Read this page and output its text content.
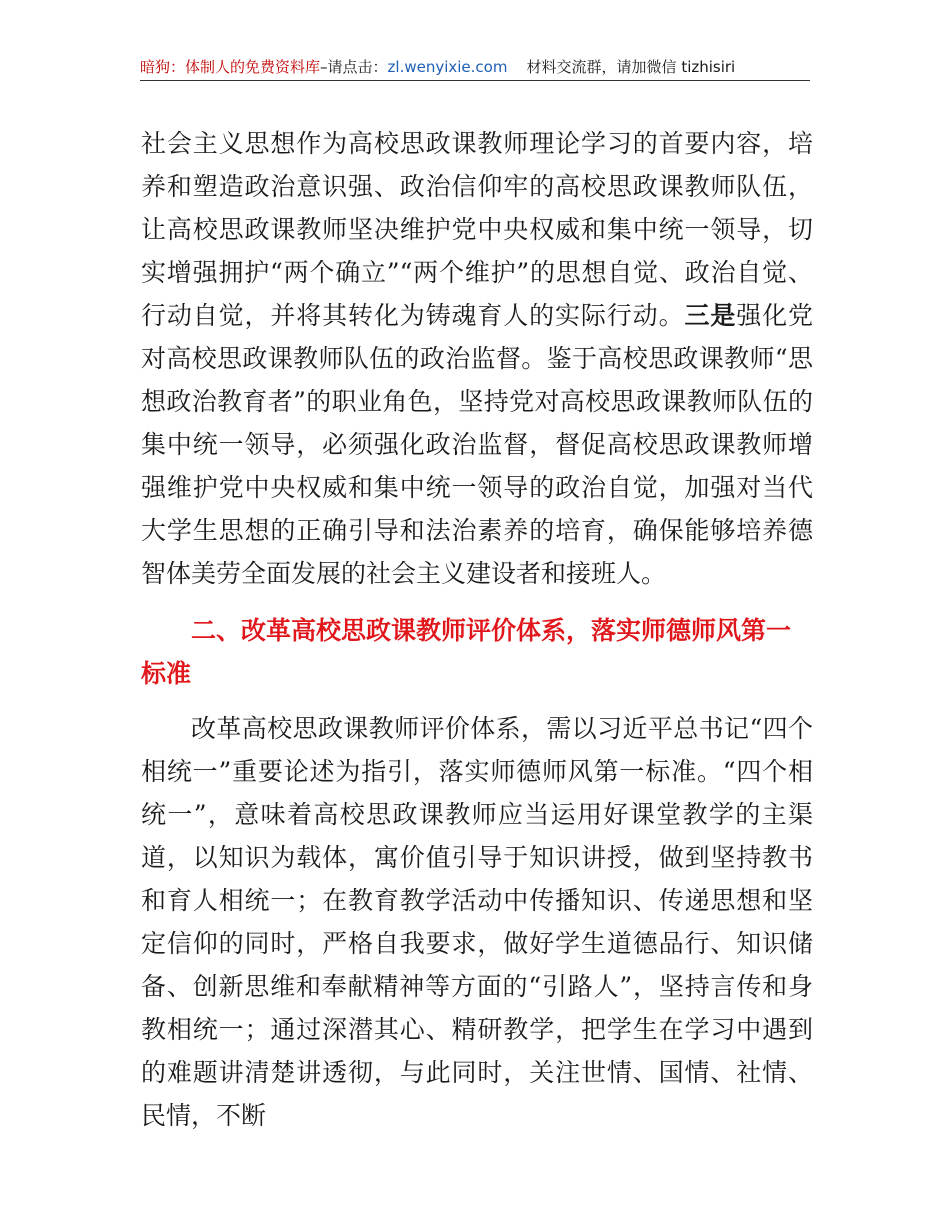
暗狗：体制人的免费资料库–请点击：zl.wenyixie.com 材料交流群，请加微信 tizhisiri

社会主义思想作为高校思政课教师理论学习的首要内容，培养和塑造政治意识强、政治信仰牢的高校思政课教师队伍，让高校思政课教师坚决维护党中央权威和集中统一领导，切实增强拥护“两个确立”“两个维护”的思想自觉、政治自觉、行动自觉，并将其转化为铸魂育人的实际行动。三是强化党对高校思政课教师队伍的政治监督。鉴于高校思政课教师“思想政治教育者”的职业角色，坚持党对高校思政课教师队伍的集中统一领导，必须强化政治监督，督促高校思政课教师增强维护党中央权威和集中统一领导的政治自觉，加强对当代大学生思想的正确引导和法治素养的培育，确保能够培养德智体美劳全面发展的社会主义建设者和接班人。

二、改革高校思政课教师评价体系，落实师德师风第一标准

改革高校思政课教师评价体系，需以习近平总书记“四个相统一”重要论述为指引，落实师德师风第一标准。“四个相统一”，意味着高校思政课教师应当运用好课堂教学的主渠道，以知识为载体，寓价值引导于知识讲授，做到坚持教书和育人相统一；在教育教学活动中传播知识、传递思想和坚定信仰的同时，严格自我要求，做好学生道德品行、知识储备、创新思维和奉献精神等方面的“引路人”，坚持言传和身教相统一；通过深潜其心、精研教学，把学生在学习中遇到的难题讲清楚讲透彻，与此同时，关注世情、国情、社情、民情，不断
